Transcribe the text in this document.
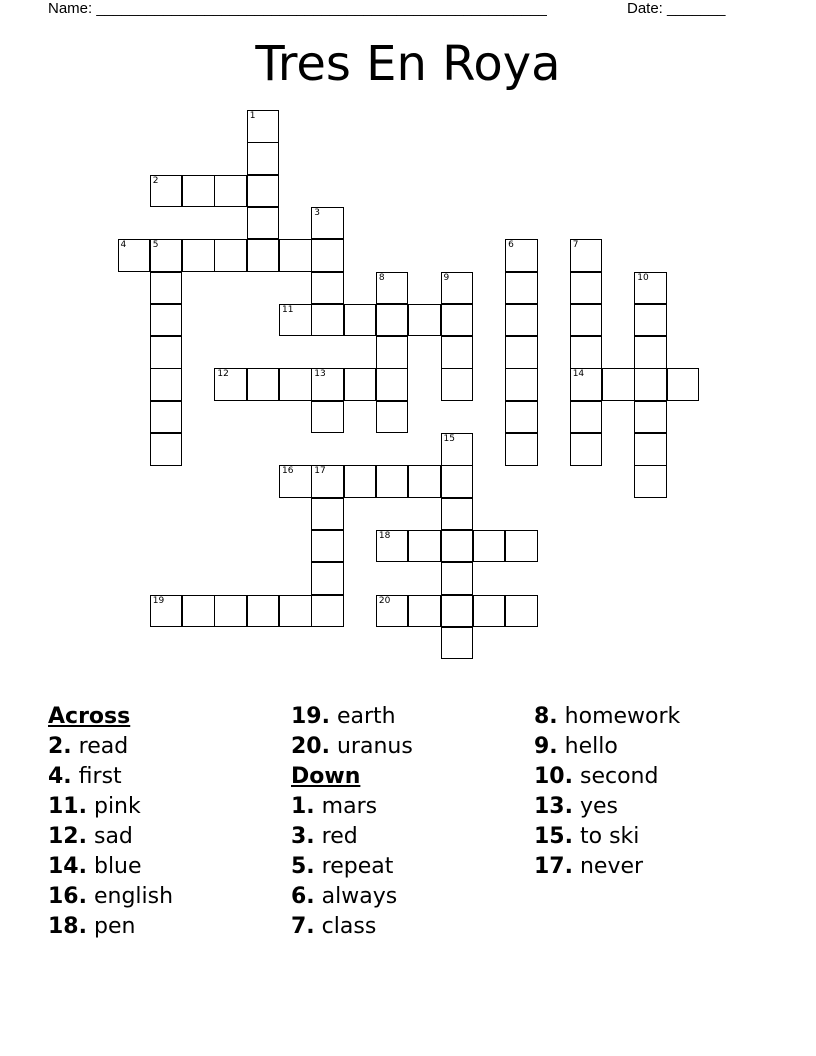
Name: ______________________________________________________	Date: _______
Tres En Roya
1
2
3
4	5	6	7
8	9	10
11
12	13	14
15
16 17
18
19	20
Across
2. read
4. first
11. pink
12. sad
14. blue
16. english
18. pen
19. earth
20. uranus
Down
1. mars
3. red
5. repeat
6. always
7. class
8. homework
9. hello
10. second
13. yes
15. to ski
17. never
